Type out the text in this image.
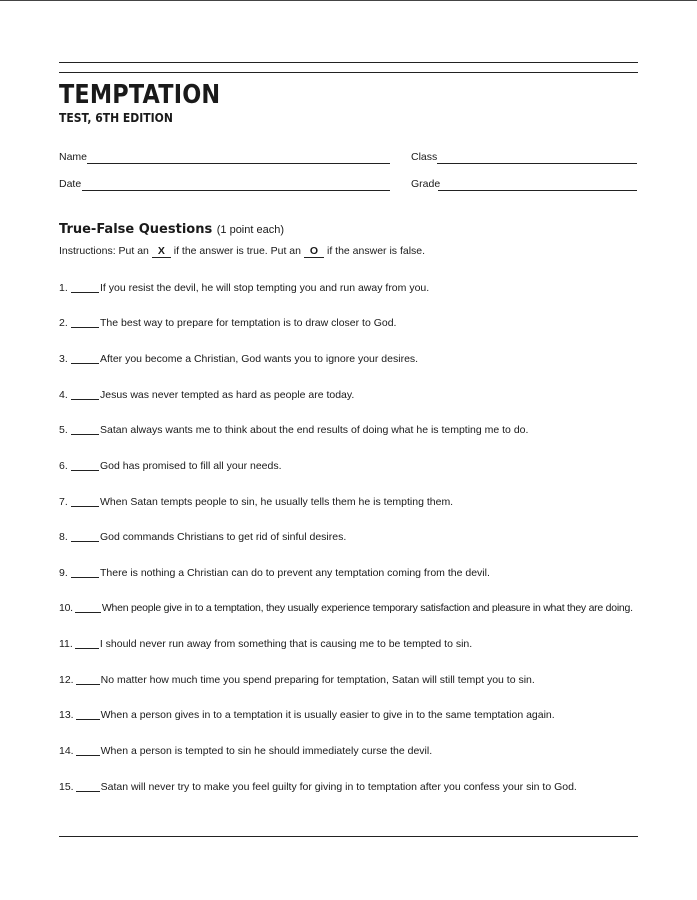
TEMPTATION
TEST, 6TH EDITION
Name	Class
Date	Grade
True-False Questions (1 point each)
Instructions: Put an X if the answer is true. Put an O if the answer is false.
1.	If you resist the devil, he will stop tempting you and run away from you.
2.	The best way to prepare for temptation is to draw closer to God.
3.	After you become a Christian, God wants you to ignore your desires.
4.	Jesus was never tempted as hard as people are today.
5.	Satan always wants me to think about the end results of doing what he is tempting me to do.
6.	God has promised to fill all your needs.
7.	When Satan tempts people to sin, he usually tells them he is tempting them.
8.	God commands Christians to get rid of sinful desires.
9.	There is nothing a Christian can do to prevent any temptation coming from the devil.
10.	When people give in to a temptation, they usually experience temporary satisfaction and pleasure in what they are doing.
11.	I should never run away from something that is causing me to be tempted to sin.
12.	No matter how much time you spend preparing for temptation, Satan will still tempt you to sin.
13.	When a person gives in to a temptation it is usually easier to give in to the same temptation again.
14.	When a person is tempted to sin he should immediately curse the devil.
15.	Satan will never try to make you feel guilty for giving in to temptation after you confess your sin to God.
